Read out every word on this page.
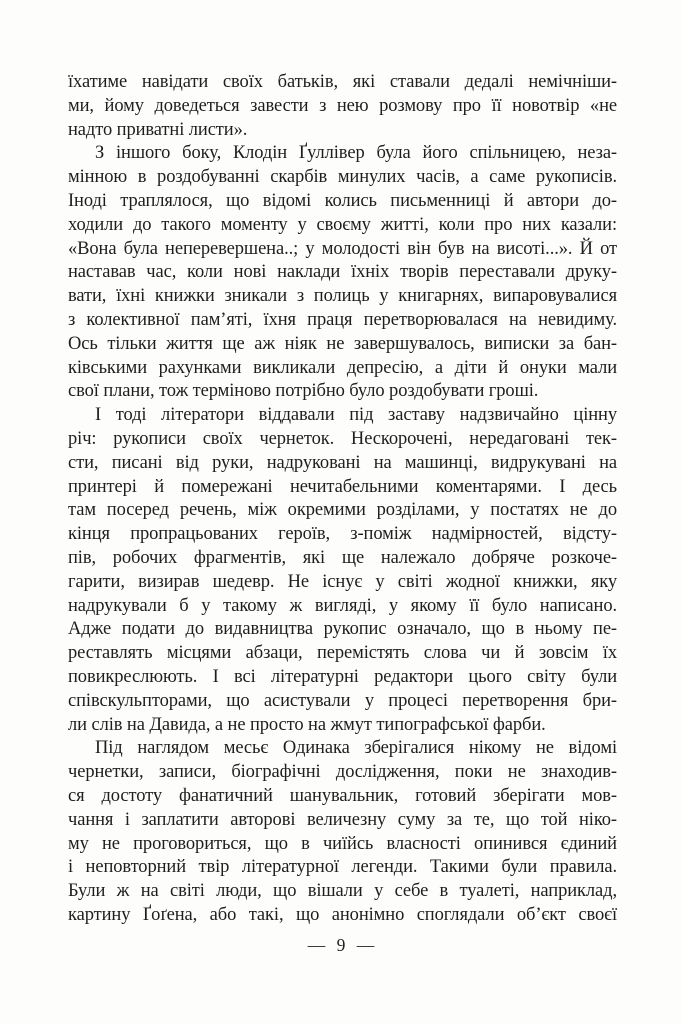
їхатиме навідати своїх батьків, які ставали дедалі немічніши-
ми, йому доведеться завести з нею розмову про її новотвір «не
надто приватні листи».
З іншого боку, Клодін Ґуллівер була його спільницею, неза-
мінною в роздобуванні скарбів минулих часів, а саме рукописів.
Іноді траплялося, що відомі колись письменниці й автори до-
ходили до такого моменту у своєму житті, коли про них казали:
«Вона була неперевершена..; у молодості він був на висоті...». Й от
наставав час, коли нові наклади їхніх творів переставали друку-
вати, їхні книжки зникали з полиць у книгарнях, випаровувалися
з колективної пам’яті, їхня праця перетворювалася на невидиму.
Ось тільки життя ще аж ніяк не завершувалось, виписки за бан-
ківськими рахунками викликали депресію, а діти й онуки мали
свої плани, тож терміново потрібно було роздобувати гроші.
І тоді літератори віддавали під заставу надзвичайно цінну
річ: рукописи своїх чернеток. Нескорочені, нередаговані тек-
сти, писані від руки, надруковані на машинці, видрукувані на
принтері й помережані нечитабельними коментарями. І десь
там посеред речень, між окремими розділами, у постатях не до
кінця пропрацьованих героїв, з-поміж надмірностей, відсту-
пів, робочих фрагментів, які ще належало добряче розкоче-
гарити, визирав шедевр. Не існує у світі жодної книжки, яку
надрукували б у такому ж вигляді, у якому її було написано.
Адже подати до видавництва рукопис означало, що в ньому пе-
реставлять місцями абзаци, перемістять слова чи й зовсім їх
повикреслюють. І всі літературні редактори цього світу були
співскульпторами, що асистували у процесі перетворення бри-
ли слів на Давида, а не просто на жмут типографської фарби.
Під наглядом месьє Одинака зберігалися нікому не відомі
чернетки, записи, біографічні дослідження, поки не знаходив-
ся достоту фанатичний шанувальник, готовий зберігати мов-
чання і заплатити авторові величезну суму за те, що той ніко-
му не проговориться, що в чиїйсь власності опинився єдиний
і неповторний твір літературної легенди. Такими були правила.
Були ж на світі люди, що вішали у себе в туалеті, наприклад,
картину Ґоґена, або такі, що анонімно споглядали об’єкт своєї
— 9 —
